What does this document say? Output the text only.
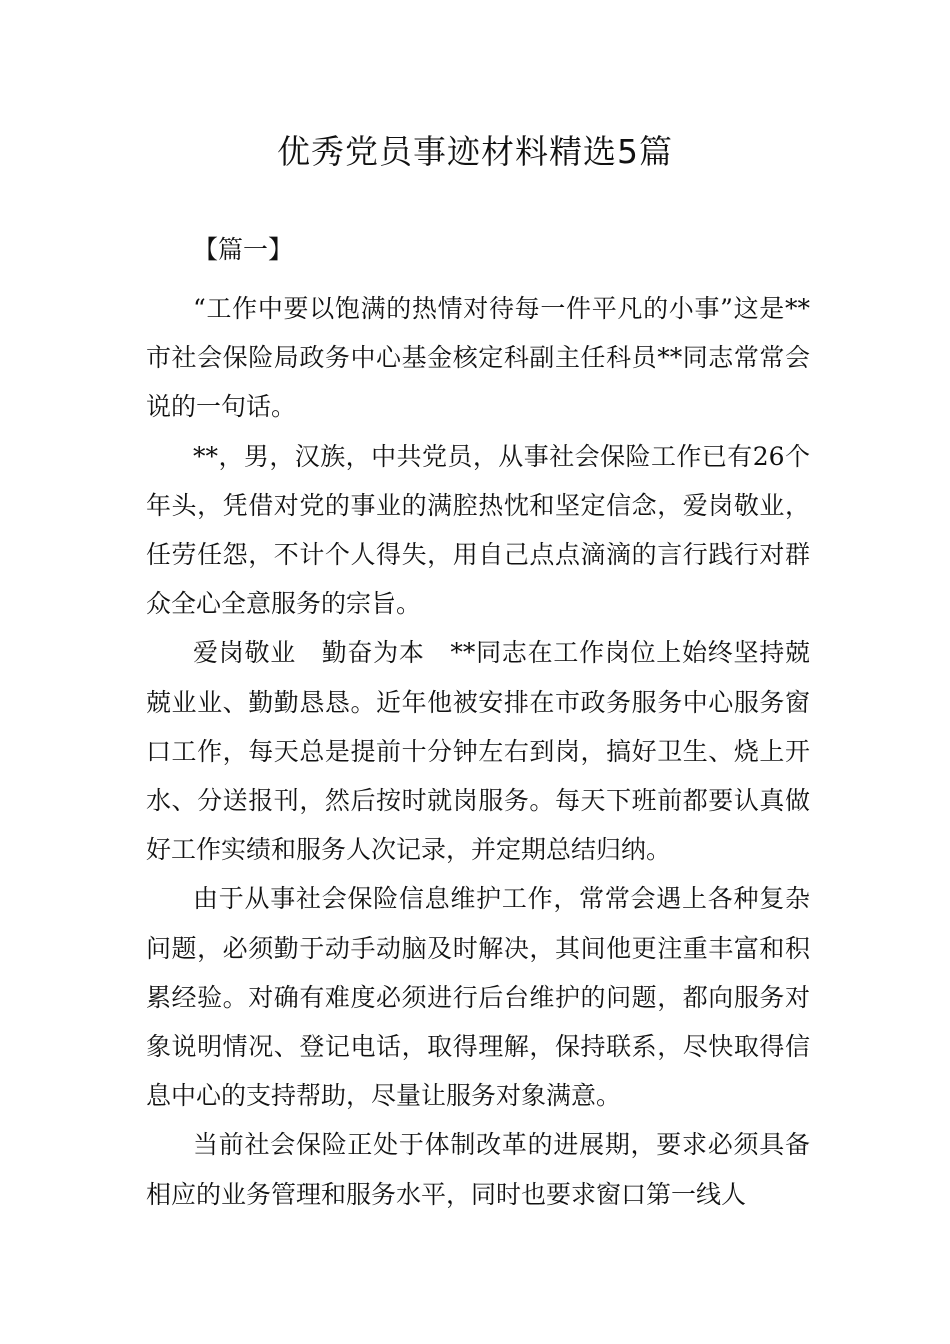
优秀党员事迹材料精选5篇
【篇一】

“工作中要以饱满的热情对待每一件平凡的小事”这是**市社会保险局政务中心基金核定科副主任科员**同志常常会说的一句话。

**，男，汉族，中共党员，从事社会保险工作已有26个年头，凭借对党的事业的满腔热忱和坚定信念，爱岗敬业，任劳任怨，不计个人得失，用自己点点滴滴的言行践行对群众全心全意服务的宗旨。

爱岗敬业　勤奋为本　**同志在工作岗位上始终坚持兢兢业业、勤勤恳恳。近年他被安排在市政务服务中心服务窗口工作，每天总是提前十分钟左右到岗，搞好卫生、烧上开水、分送报刊，然后按时就岗服务。每天下班前都要认真做好工作实绩和服务人次记录，并定期总结归纳。

由于从事社会保险信息维护工作，常常会遇上各种复杂问题，必须勤于动手动脑及时解决，其间他更注重丰富和积累经验。对确有难度必须进行后台维护的问题，都向服务对象说明情况、登记电话，取得理解，保持联系，尽快取得信息中心的支持帮助，尽量让服务对象满意。

当前社会保险正处于体制改革的进展期，要求必须具备相应的业务管理和服务水平，同时也要求窗口第一线人
